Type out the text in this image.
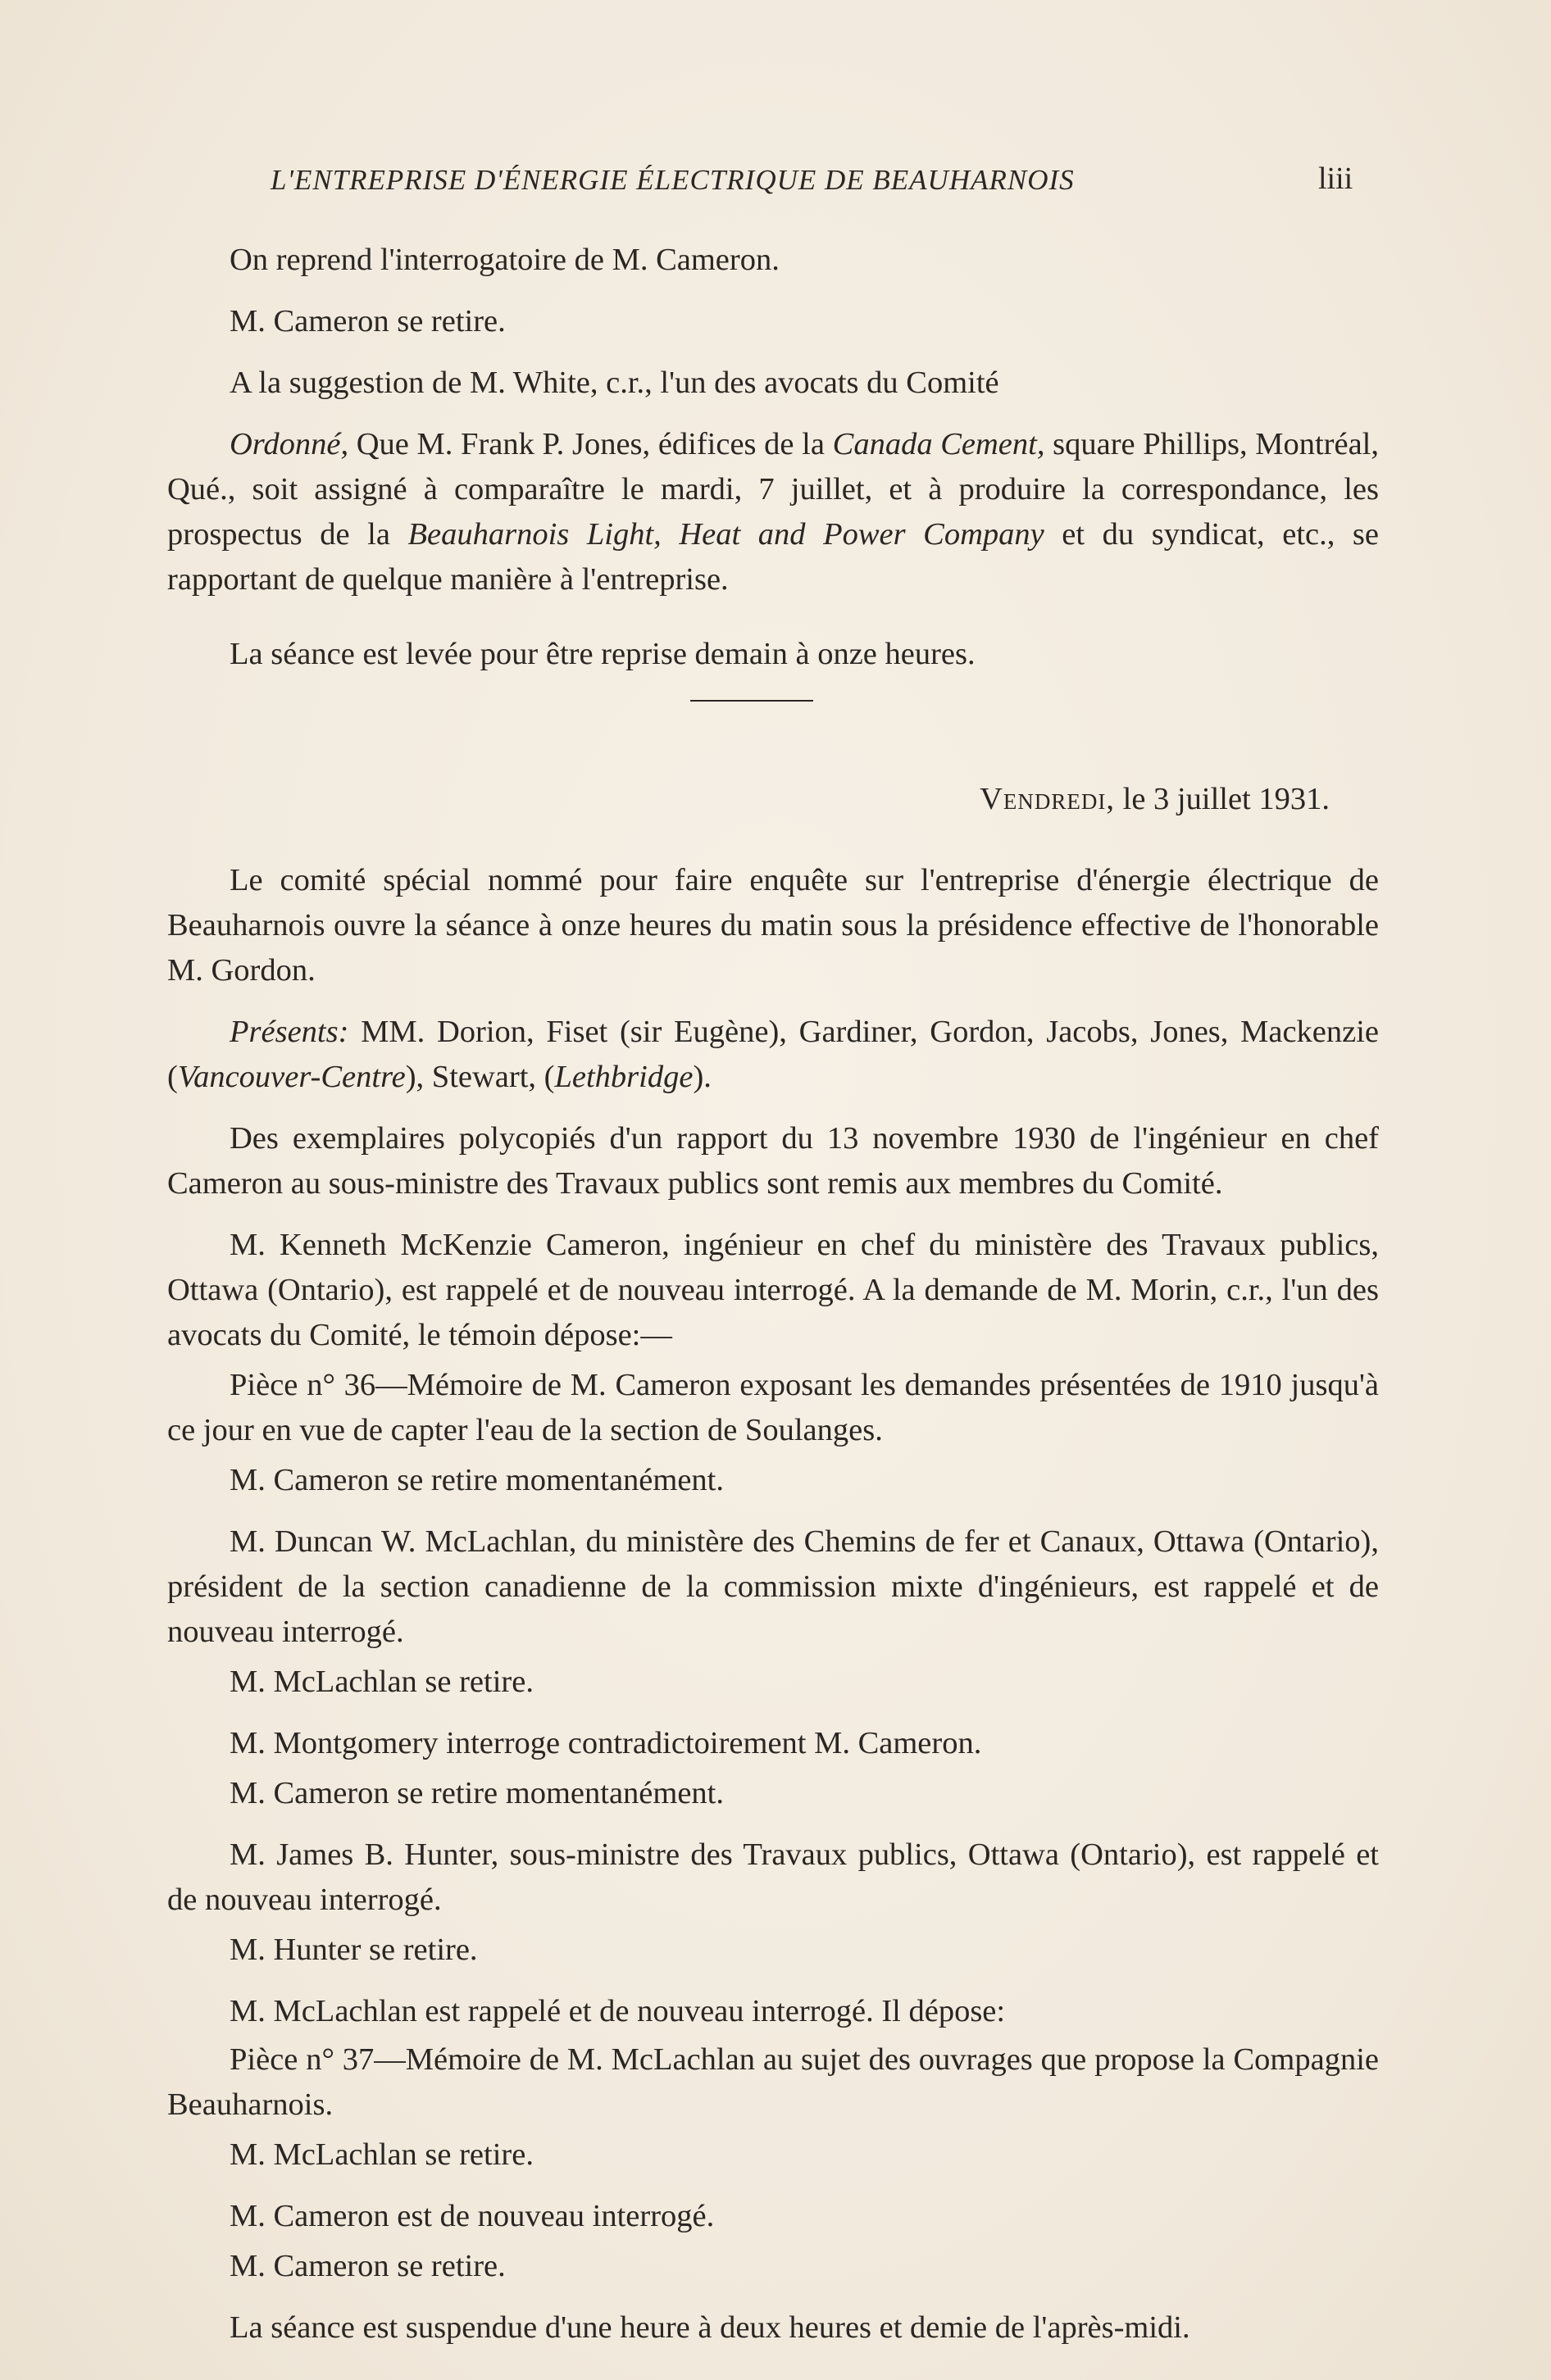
L'ENTREPRISE D'ÉNERGIE ÉLECTRIQUE DE BEAUHARNOIS	liii

On reprend l'interrogatoire de M. Cameron.

M. Cameron se retire.

A la suggestion de M. White, c.r., l'un des avocats du Comité

Ordonné, Que M. Frank P. Jones, édifices de la Canada Cement, square Phillips, Montréal, Qué., soit assigné à comparaître le mardi, 7 juillet, et à produire la correspondance, les prospectus de la Beauharnois Light, Heat and Power Company et du syndicat, etc., se rapportant de quelque manière à l'entreprise.

La séance est levée pour être reprise demain à onze heures.

Vendredi, le 3 juillet 1931.

Le comité spécial nommé pour faire enquête sur l'entreprise d'énergie électrique de Beauharnois ouvre la séance à onze heures du matin sous la présidence effective de l'honorable M. Gordon.

Présents: MM. Dorion, Fiset (sir Eugène), Gardiner, Gordon, Jacobs, Jones, Mackenzie (Vancouver-Centre), Stewart, (Lethbridge).

Des exemplaires polycopiés d'un rapport du 13 novembre 1930 de l'ingénieur en chef Cameron au sous-ministre des Travaux publics sont remis aux membres du Comité.

M. Kenneth McKenzie Cameron, ingénieur en chef du ministère des Travaux publics, Ottawa (Ontario), est rappelé et de nouveau interrogé. A la demande de M. Morin, c.r., l'un des avocats du Comité, le témoin dépose:—

Pièce n° 36—Mémoire de M. Cameron exposant les demandes présentées de 1910 jusqu'à ce jour en vue de capter l'eau de la section de Soulanges.

M. Cameron se retire momentanément.

M. Duncan W. McLachlan, du ministère des Chemins de fer et Canaux, Ottawa (Ontario), président de la section canadienne de la commission mixte d'ingénieurs, est rappelé et de nouveau interrogé.

M. McLachlan se retire.

M. Montgomery interroge contradictoirement M. Cameron.

M. Cameron se retire momentanément.

M. James B. Hunter, sous-ministre des Travaux publics, Ottawa (Ontario), est rappelé et de nouveau interrogé.

M. Hunter se retire.

M. McLachlan est rappelé et de nouveau interrogé. Il dépose:

Pièce n° 37—Mémoire de M. McLachlan au sujet des ouvrages que propose la Compagnie Beauharnois.

M. McLachlan se retire.

M. Cameron est de nouveau interrogé.

M. Cameron se retire.

La séance est suspendue d'une heure à deux heures et demie de l'après-midi.
